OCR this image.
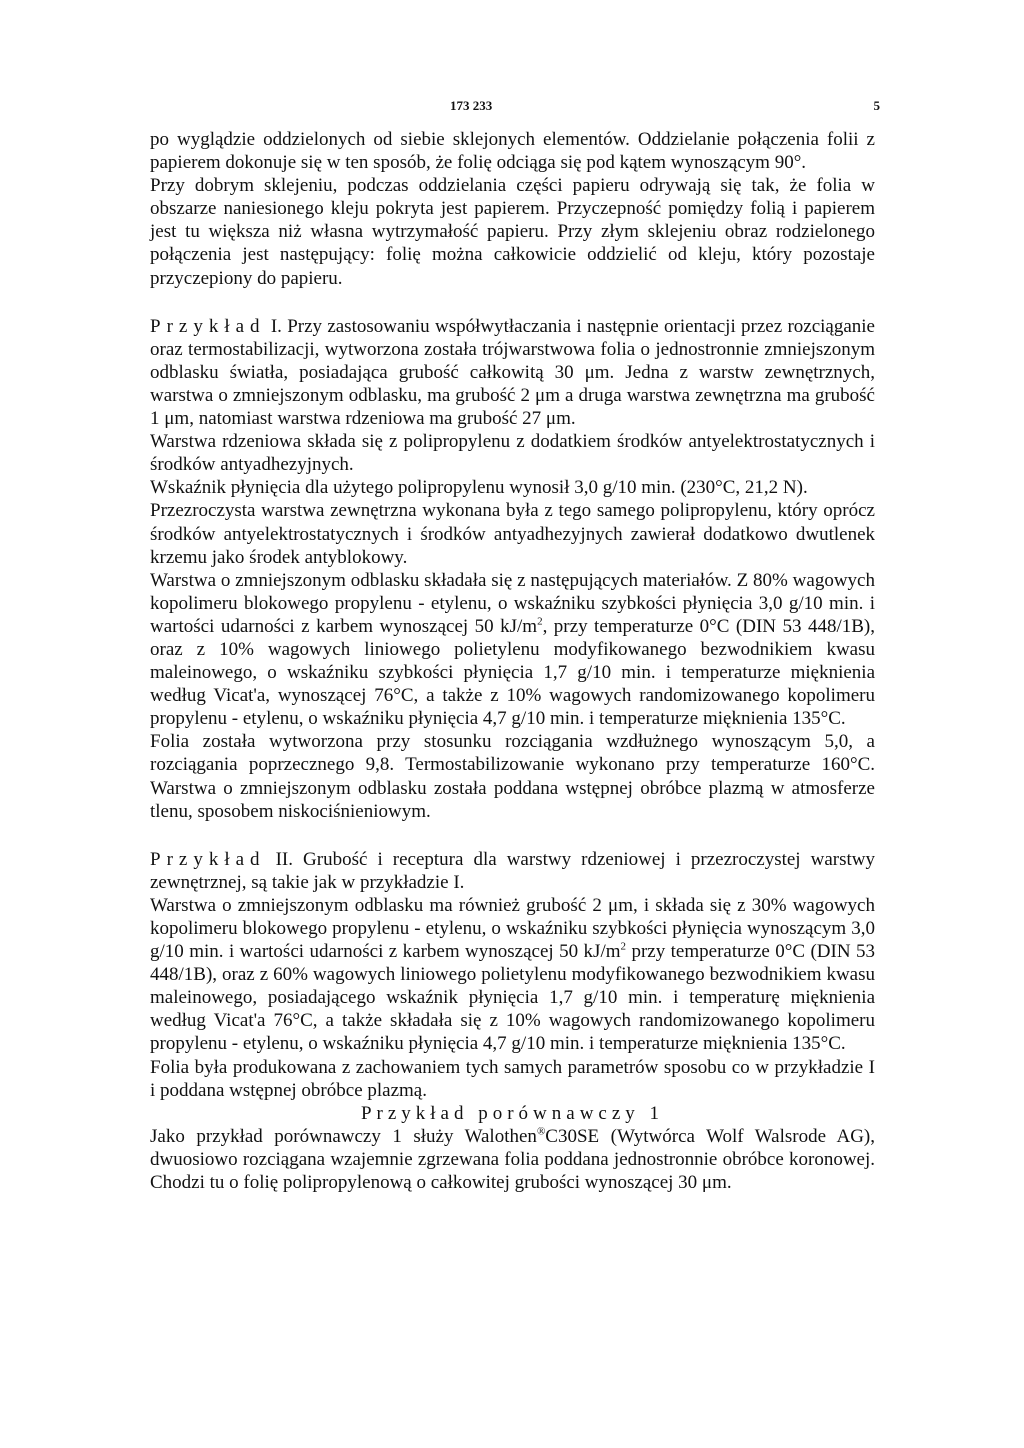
173 233	5

po wyglądzie oddzielonych od siebie sklejonych elementów. Oddzielanie połączenia folii z papierem dokonuje się w ten sposób, że folię odciąga się pod kątem wynoszącym 90°.

Przy dobrym sklejeniu, podczas oddzielania części papieru odrywają się tak, że folia w obszarze naniesionego kleju pokryta jest papierem. Przyczepność pomiędzy folią i papierem jest tu większa niż własna wytrzymałość papieru. Przy złym sklejeniu obraz rodzielonego połączenia jest następujący: folię można całkowicie oddzielić od kleju, który pozostaje przyczepiony do papieru.

Przykład I. Przy zastosowaniu współwytłaczania i następnie orientacji przez rozciąganie oraz termostabilizacji, wytworzona została trójwarstwowa folia o jednostronnie zmniejszonym odblasku światła, posiadająca grubość całkowitą 30 μm. Jedna z warstw zewnętrznych, warstwa o zmniejszonym odblasku, ma grubość 2 μm a druga warstwa zewnętrzna ma grubość 1 μm, natomiast warstwa rdzeniowa ma grubość 27 μm.

Warstwa rdzeniowa składa się z polipropylenu z dodatkiem środków antyelektrostatycznych i środków antyadhezyjnych.

Wskaźnik płynięcia dla użytego polipropylenu wynosił 3,0 g/10 min. (230°C, 21,2 N).

Przezroczysta warstwa zewnętrzna wykonana była z tego samego polipropylenu, który oprócz środków antyelektrostatycznych i środków antyadhezyjnych zawierał dodatkowo dwutlenek krzemu jako środek antyblokowy.

Warstwa o zmniejszonym odblasku składała się z następujących materiałów. Z 80% wagowych kopolimeru blokowego propylenu - etylenu, o wskaźniku szybkości płynięcia 3,0 g/10 min. i wartości udarności z karbem wynoszącej 50 $kJ/m^2$, przy temperaturze 0°C (DIN 53 448/1B), oraz z 10% wagowych liniowego polietylenu modyfikowanego bezwodnikiem kwasu maleinowego, o wskaźniku szybkości płynięcia 1,7 g/10 min. i temperaturze mięknienia według Vicat'a, wynoszącej 76°C, a także z 10% wagowych randomizowanego kopolimeru propylenu - etylenu, o wskaźniku płynięcia 4,7 g/10 min. i temperaturze mięknienia 135°C.

Folia została wytworzona przy stosunku rozciągania wzdłużnego wynoszącym 5,0, a rozciągania poprzecznego 9,8. Termostabilizowanie wykonano przy temperaturze 160°C. Warstwa o zmniejszonym odblasku została poddana wstępnej obróbce plazmą w atmosferze tlenu, sposobem niskociśnieniowym.

Przykład II. Grubość i receptura dla warstwy rdzeniowej i przezroczystej warstwy zewnętrznej, są takie jak w przykładzie I.

Warstwa o zmniejszonym odblasku ma również grubość 2 μm, i składa się z 30% wagowych kopolimeru blokowego propylenu - etylenu, o wskaźniku szybkości płynięcia wynoszącym 3,0 g/10 min. i wartości udarności z karbem wynoszącej 50 $kJ/m^2$ przy temperaturze 0°C (DIN 53 448/1B), oraz z 60% wagowych liniowego polietylenu modyfikowanego bezwodnikiem kwasu maleinowego, posiadającego wskaźnik płynięcia 1,7 g/10 min. i temperaturę mięknienia według Vicat'a 76°C, a także składała się z 10% wagowych randomizowanego kopolimeru propylenu - etylenu, o wskaźniku płynięcia 4,7 g/10 min. i temperaturze mięknienia 135°C.

Folia była produkowana z zachowaniem tych samych parametrów sposobu co w przykładzie I i poddana wstępnej obróbce plazmą.

Przykład porównawczy 1

Jako przykład porównawczy 1 służy Walothen®C30SE (Wytwórca Wolf Walsrode AG), dwuosiowo rozciągana wzajemnie zgrzewana folia poddana jednostronnie obróbce koronowej. Chodzi tu o folię polipropylenową o całkowitej grubości wynoszącej 30 μm.
